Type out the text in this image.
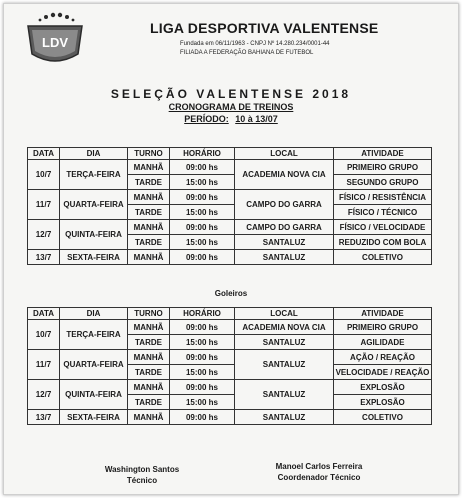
LDV
LIGA DESPORTIVA VALENTENSE
Fundada em 06/11/1963 - CNPJ Nº 14.280.234/0001-44
FILIADA A FEDERAÇÃO BAHIANA DE FUTEBOL
SELEÇÃO VALENTENSE 2018
CRONOGRAMA DE TREINOS
PERÍODO: 10 à 13/07
DATA	DIA	TURNO	HORÁRIO	LOCAL	ATIVIDADE
10/7	TERÇA-FEIRA	MANHÃ	09:00 hs	ACADEMIA NOVA CIA	PRIMEIRO GRUPO
		TARDE	15:00 hs		SEGUNDO GRUPO
11/7	QUARTA-FEIRA	MANHÃ	09:00 hs	CAMPO DO GARRA	FÍSICO / RESISTÊNCIA
		TARDE	15:00 hs		FÍSICO / TÉCNICO
12/7	QUINTA-FEIRA	MANHÃ	09:00 hs	CAMPO DO GARRA	FÍSICO / VELOCIDADE
		TARDE	15:00 hs	SANTALUZ	REDUZIDO COM BOLA
13/7	SEXTA-FEIRA	MANHÃ	09:00 hs	SANTALUZ	COLETIVO
Goleiros
DATA	DIA	TURNO	HORÁRIO	LOCAL	ATIVIDADE
10/7	TERÇA-FEIRA	MANHÃ	09:00 hs	ACADEMIA NOVA CIA	PRIMEIRO GRUPO
		TARDE	15:00 hs	SANTALUZ	AGILIDADE
11/7	QUARTA-FEIRA	MANHÃ	09:00 hs	SANTALUZ	AÇÃO / REAÇÃO
		TARDE	15:00 hs		VELOCIDADE / REAÇÃO
12/7	QUINTA-FEIRA	MANHÃ	09:00 hs	SANTALUZ	EXPLOSÃO
		TARDE	15:00 hs		EXPLOSÃO
13/7	SEXTA-FEIRA	MANHÃ	09:00 hs	SANTALUZ	COLETIVO
Washington Santos
Técnico
Manoel Carlos Ferreira
Coordenador Técnico
